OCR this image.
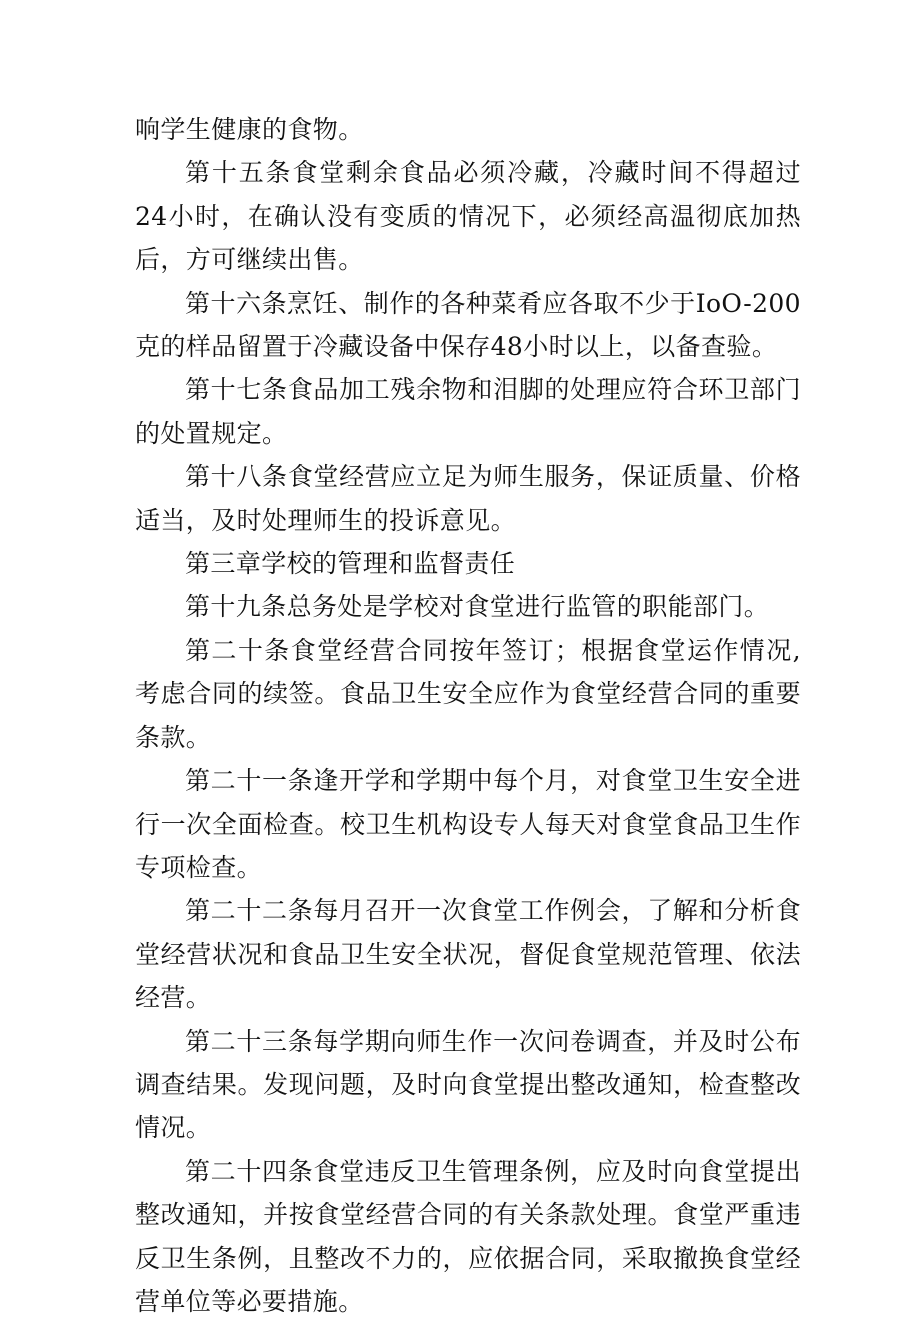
响学生健康的食物。

第十五条食堂剩余食品必须冷藏，冷藏时间不得超过24小时，在确认没有变质的情况下，必须经高温彻底加热后，方可继续出售。

第十六条烹饪、制作的各种菜肴应各取不少于IoO-200克的样品留置于冷藏设备中保存48小时以上，以备查验。

第十七条食品加工残余物和泪脚的处理应符合环卫部门的处置规定。

第十八条食堂经营应立足为师生服务，保证质量、价格适当，及时处理师生的投诉意见。

第三章学校的管理和监督责任

第十九条总务处是学校对食堂进行监管的职能部门。

第二十条食堂经营合同按年签订；根据食堂运作情况,考虑合同的续签。食品卫生安全应作为食堂经营合同的重要条款。

第二十一条逢开学和学期中每个月，对食堂卫生安全进行一次全面检查。校卫生机构设专人每天对食堂食品卫生作专项检查。

第二十二条每月召开一次食堂工作例会，了解和分析食堂经营状况和食品卫生安全状况，督促食堂规范管理、依法经营。

第二十三条每学期向师生作一次问卷调查，并及时公布调查结果。发现问题，及时向食堂提出整改通知，检查整改情况。

第二十四条食堂违反卫生管理条例，应及时向食堂提出整改通知，并按食堂经营合同的有关条款处理。食堂严重违反卫生条例，且整改不力的，应依据合同，采取撤换食堂经营单位等必要措施。
